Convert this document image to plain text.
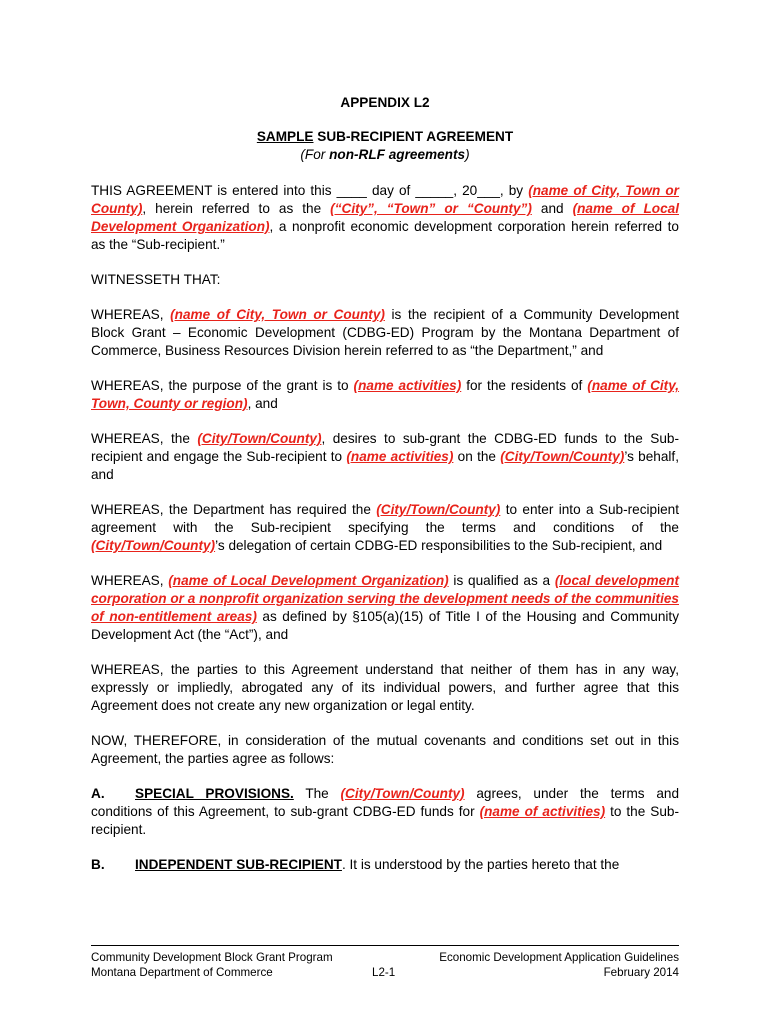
APPENDIX L2
SAMPLE SUB-RECIPIENT AGREEMENT
(For non-RLF agreements)

THIS AGREEMENT is entered into this ____ day of _____, 20___, by (name of City, Town or County), herein referred to as the (“City”, “Town” or “County”) and (name of Local Development Organization), a nonprofit economic development corporation herein referred to as the “Sub-recipient.”

WITNESSETH THAT:

WHEREAS, (name of City, Town or County) is the recipient of a Community Development Block Grant – Economic Development (CDBG-ED) Program by the Montana Department of Commerce, Business Resources Division herein referred to as “the Department,” and

WHEREAS, the purpose of the grant is to (name activities) for the residents of (name of City, Town, County or region), and

WHEREAS, the (City/Town/County), desires to sub-grant the CDBG-ED funds to the Sub-recipient and engage the Sub-recipient to (name activities) on the (City/Town/County)’s behalf, and

WHEREAS, the Department has required the (City/Town/County) to enter into a Sub-recipient agreement with the Sub-recipient specifying the terms and conditions of the (City/Town/County)’s delegation of certain CDBG-ED responsibilities to the Sub-recipient, and

WHEREAS, (name of Local Development Organization) is qualified as a (local development corporation or a nonprofit organization serving the development needs of the communities of non-entitlement areas) as defined by §105(a)(15) of Title I of the Housing and Community Development Act (the “Act”), and

WHEREAS, the parties to this Agreement understand that neither of them has in any way, expressly or impliedly, abrogated any of its individual powers, and further agree that this Agreement does not create any new organization or legal entity.

NOW, THEREFORE, in consideration of the mutual covenants and conditions set out in this Agreement, the parties agree as follows:

A. SPECIAL PROVISIONS. The (City/Town/County) agrees, under the terms and conditions of this Agreement, to sub-grant CDBG-ED funds for (name of activities) to the Sub-recipient.

B. INDEPENDENT SUB-RECIPIENT. It is understood by the parties hereto that the

Community Development Block Grant Program	Economic Development Application Guidelines
Montana Department of Commerce	L2-1	February 2014
